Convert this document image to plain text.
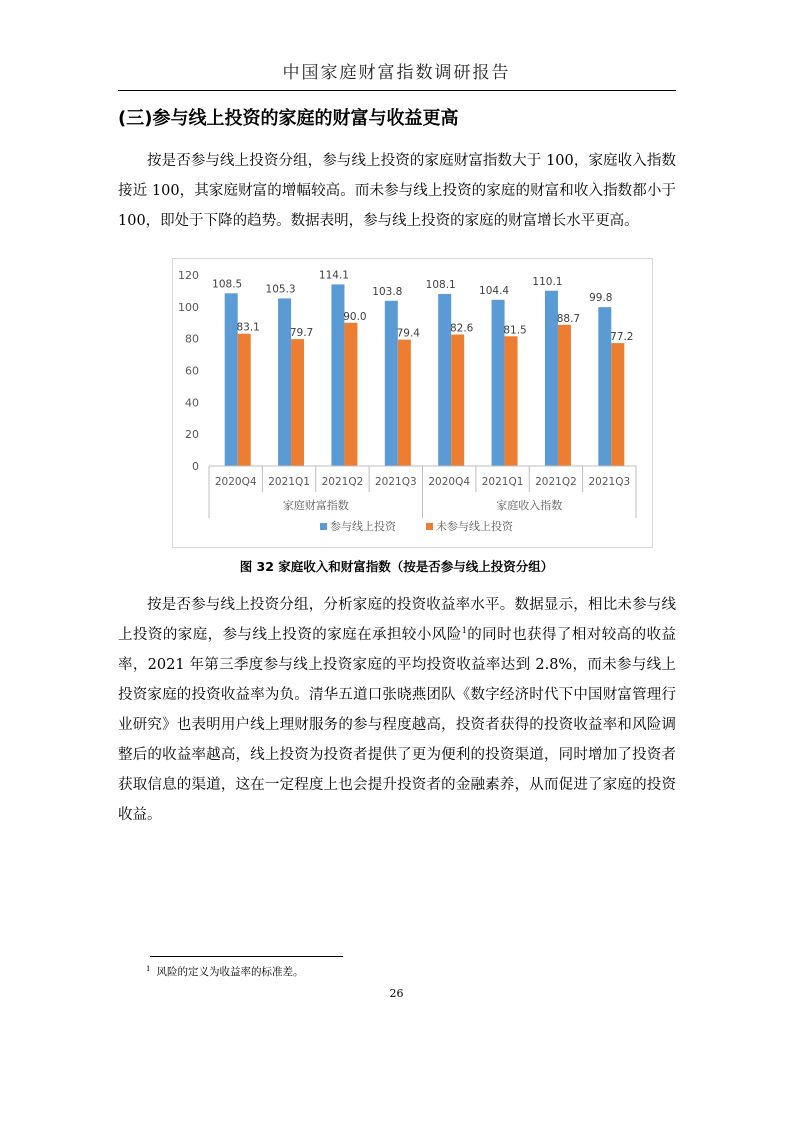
中国家庭财富指数调研报告
(三)参与线上投资的家庭的财富与收益更高

按是否参与线上投资分组，参与线上投资的家庭财富指数大于 100，家庭收入指数接近 100，其家庭财富的增幅较高。而未参与线上投资的家庭的财富和收入指数都小于 100，即处于下降的趋势。数据表明，参与线上投资的家庭的财富增长水平更高。

0
20
40
60
80
100
120
108.5 105.3
114.1
103.8
108.1 104.4
110.1
99.8
83.1	79.7
90.0
79.4	82.6	81.5
88.7
77.2
2020Q4 2021Q1 2021Q2 2021Q3 2020Q4 2021Q1 2021Q2 2021Q3
家庭财富指数	家庭收入指数
参与线上投资	未参与线上投资
图 32 家庭收入和财富指数（按是否参与线上投资分组）

按是否参与线上投资分组，分析家庭的投资收益率水平。数据显示，相比未参与线上投资的家庭，参与线上投资的家庭在承担较小风险$^1$的同时也获得了相对较高的收益率，2021 年第三季度参与线上投资家庭的平均投资收益率达到 2.8%，而未参与线上投资家庭的投资收益率为负。清华五道口张晓燕团队《数字经济时代下中国财富管理行业研究》也表明用户线上理财服务的参与程度越高，投资者获得的投资收益率和风险调整后的收益率越高，线上投资为投资者提供了更为便利的投资渠道，同时增加了投资者获取信息的渠道，这在一定程度上也会提升投资者的金融素养，从而促进了家庭的投资收益。

$^1$ 风险的定义为收益率的标准差。
26
